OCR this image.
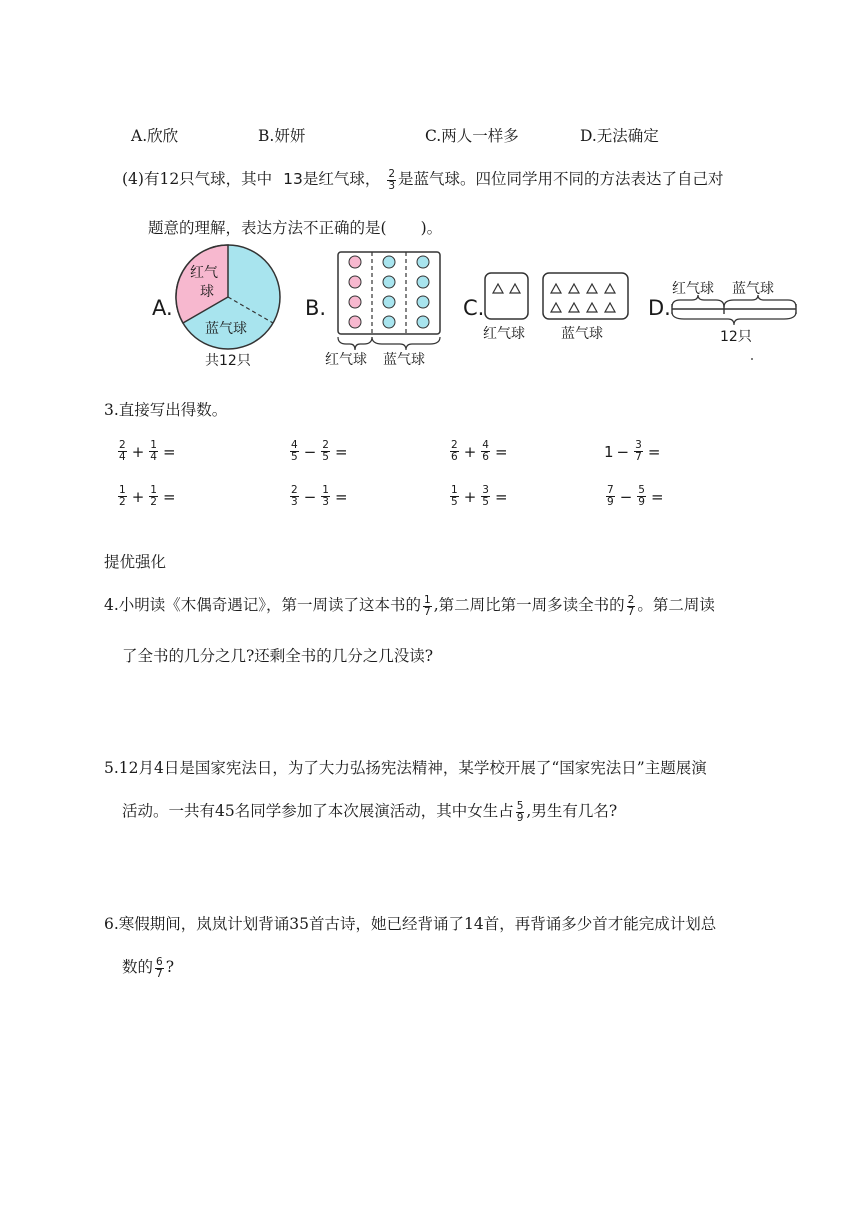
A.欣欣	B.妍妍	C.两人一样多	D.无法确定
(4)有12只气球，其中 13是红气球， $\frac{2}{3}$ 是蓝气球。四位同学用不同的方法表达了自己对
题意的理解，表达方法不正确的是( )。
A.
红气
球
蓝气球
共12只
B.
红气球 蓝气球
C.
红气球	蓝气球
D.
红气球 蓝气球
12只
3.直接写出得数。
$\frac{2}{4} + \frac{1}{4}$ =	$\frac{4}{5} - \frac{2}{5}$ =	$\frac{2}{6} + \frac{4}{6}$ =	$1 - \frac{3}{7}$ =
$\frac{1}{2} + \frac{1}{2}$ =	$\frac{2}{3} - \frac{1}{3}$ =	$\frac{1}{5} + \frac{3}{5}$ =	$\frac{7}{9} - \frac{5}{9}$ =
提优强化
4.小明读《木偶奇遇记》，第一周读了这本书的 $\frac{1}{7}$ ,第二周比第一周多读全书的 $\frac{2}{7}$ 。第二周读
了全书的几分之几?还剩全书的几分之几没读?
5.12月4日是国家宪法日，为了大力弘扬宪法精神，某学校开展了“国家宪法日”主题展演
活动。一共有45名同学参加了本次展演活动，其中女生占 $\frac{5}{9}$ ,男生有几名?
6.寒假期间，岚岚计划背诵35首古诗，她已经背诵了14首，再背诵多少首才能完成计划总
数的 $\frac{6}{7}$ ?
